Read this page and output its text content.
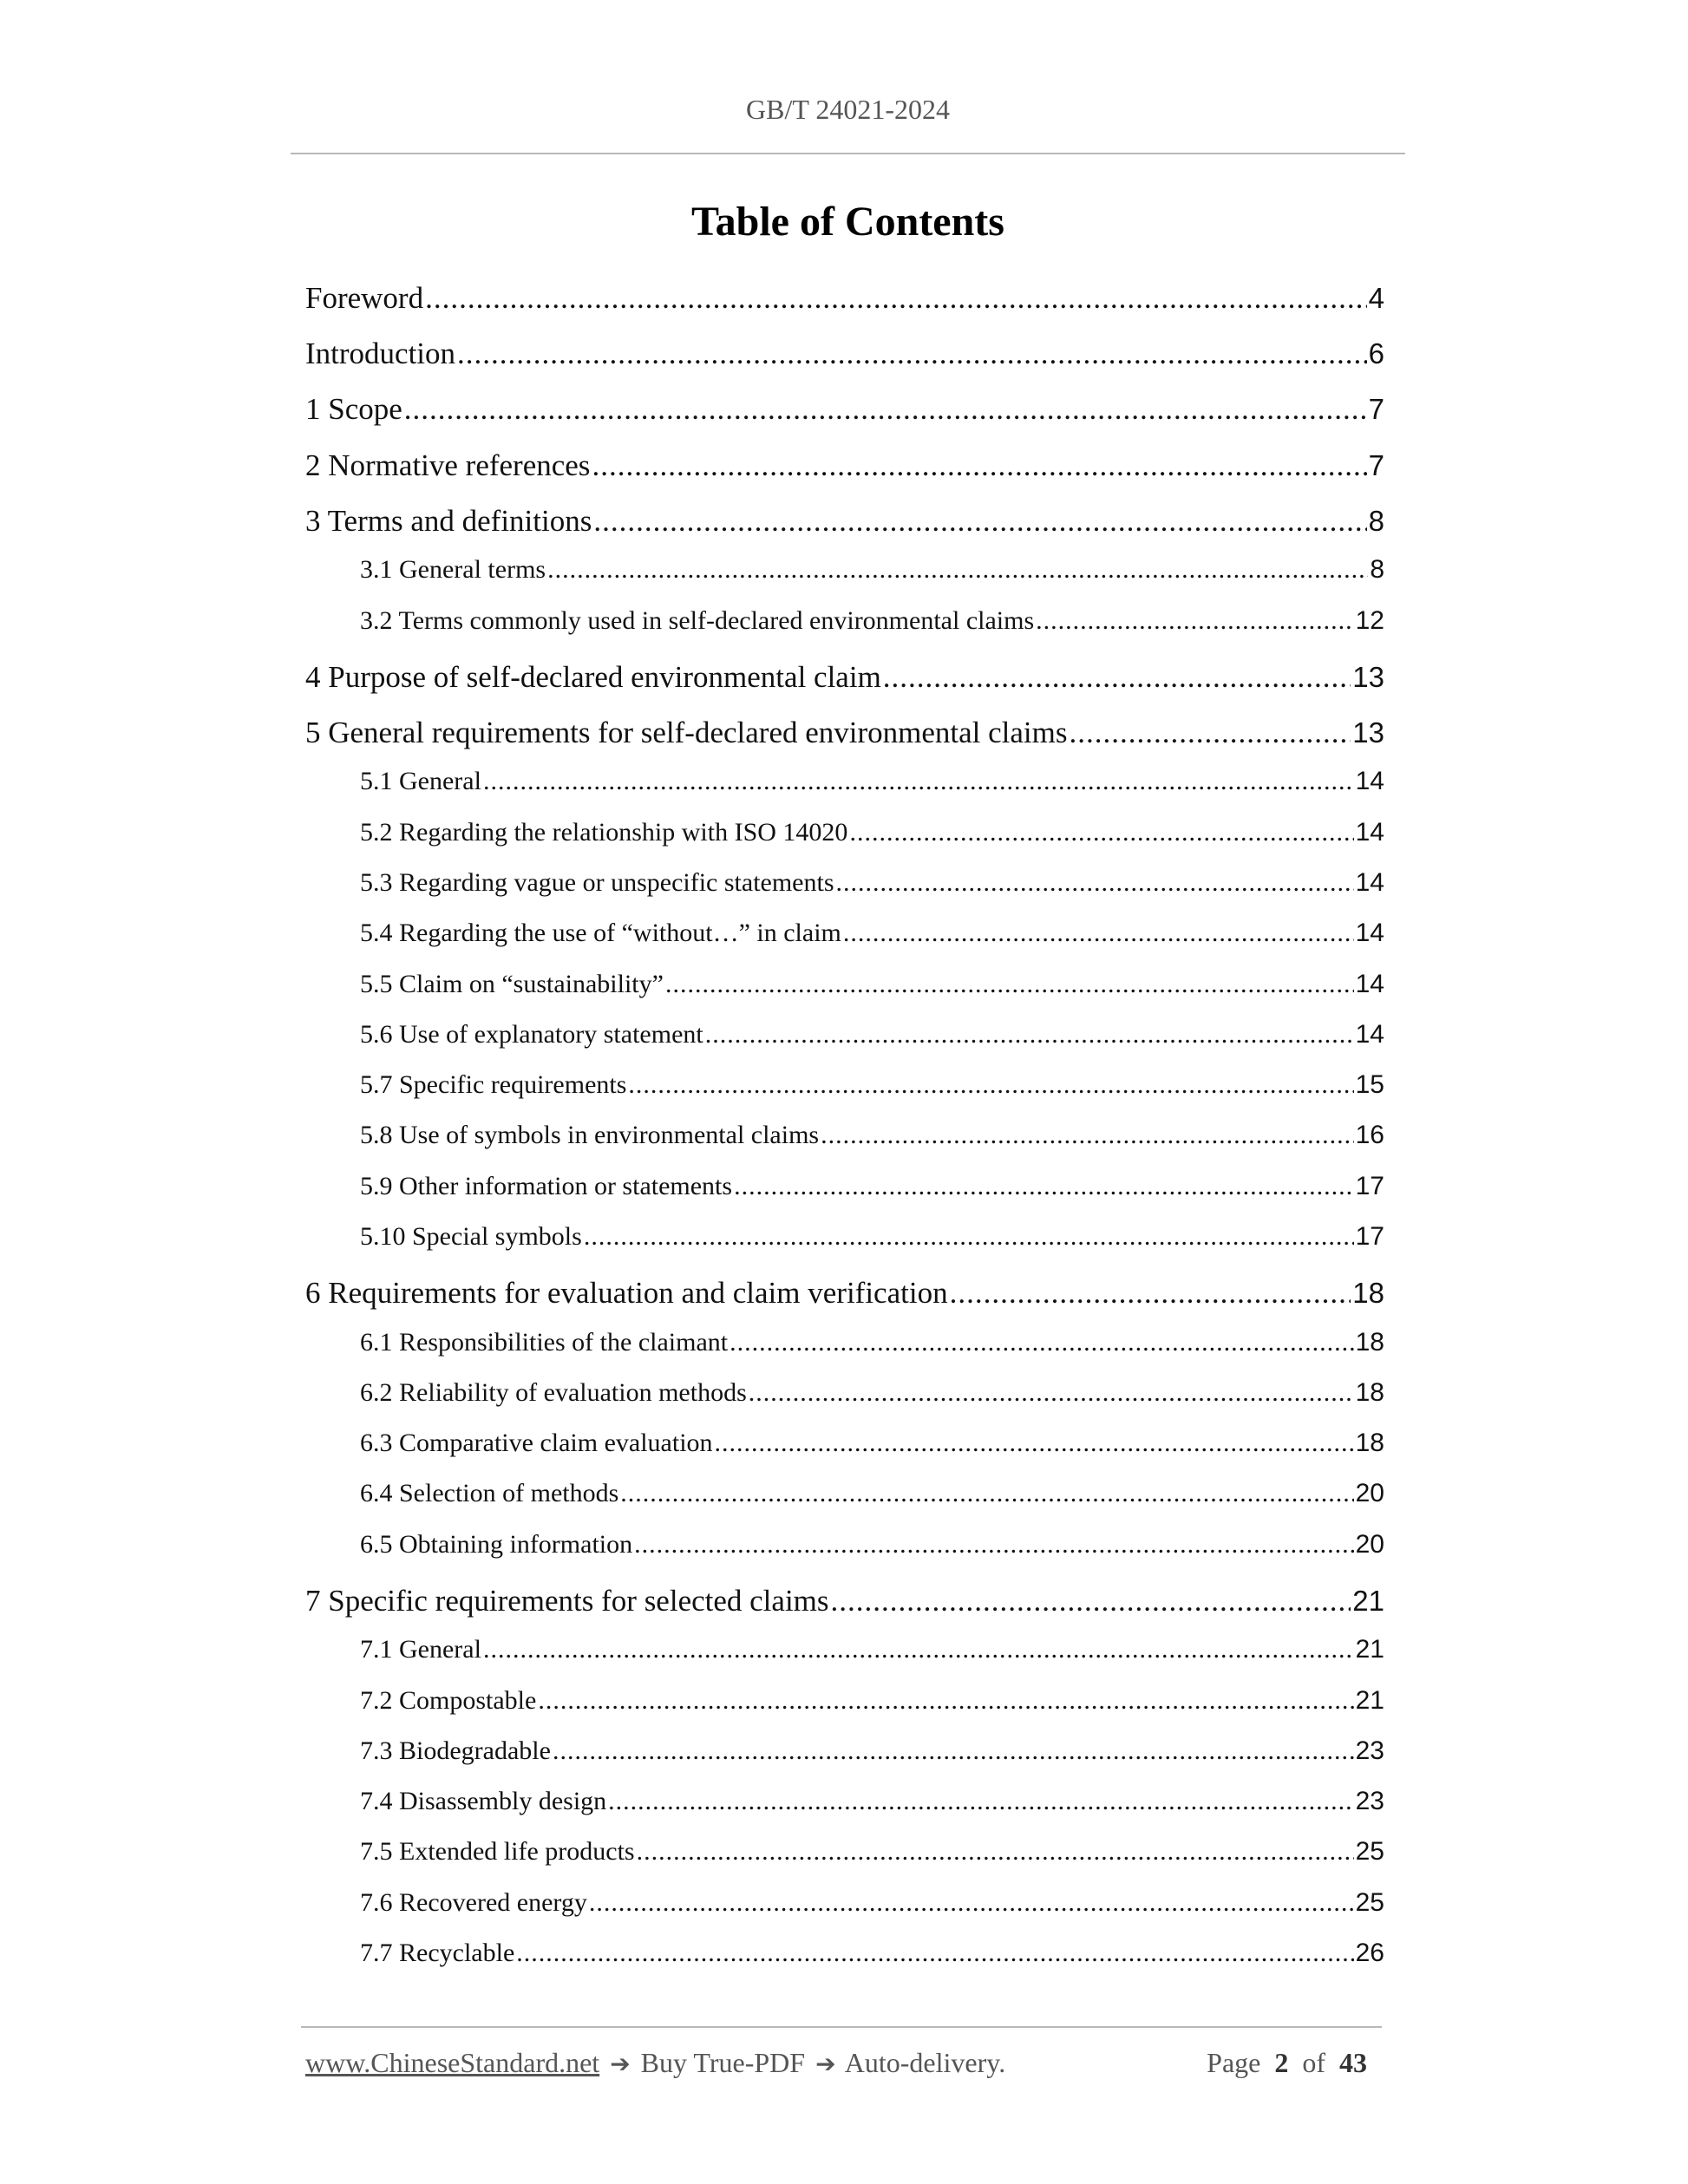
GB/T 24021-2024
Table of Contents
Foreword .....	4
Introduction .....	6
1 Scope .....	7
2 Normative references .....	7
3 Terms and definitions .....	8
3.1 General terms .....	8
3.2 Terms commonly used in self-declared environmental claims .....	12
4 Purpose of self-declared environmental claim .....	13
5 General requirements for self-declared environmental claims .....	13
5.1 General .....	14
5.2 Regarding the relationship with ISO 14020 .....	14
5.3 Regarding vague or unspecific statements .....	14
5.4 Regarding the use of “without…” in claim .....	14
5.5 Claim on “sustainability” .....	14
5.6 Use of explanatory statement .....	14
5.7 Specific requirements .....	15
5.8 Use of symbols in environmental claims .....	16
5.9 Other information or statements .....	17
5.10 Special symbols .....	17
6 Requirements for evaluation and claim verification .....	18
6.1 Responsibilities of the claimant .....	18
6.2 Reliability of evaluation methods .....	18
6.3 Comparative claim evaluation .....	18
6.4 Selection of methods .....	20
6.5 Obtaining information .....	20
7 Specific requirements for selected claims .....	21
7.1 General .....	21
7.2 Compostable .....	21
7.3 Biodegradable .....	23
7.4 Disassembly design .....	23
7.5 Extended life products .....	25
7.6 Recovered energy .....	25
7.7 Recyclable .....	26
www.ChineseStandard.net ➔ Buy True-PDF ➔ Auto-delivery.	Page 2 of 43
